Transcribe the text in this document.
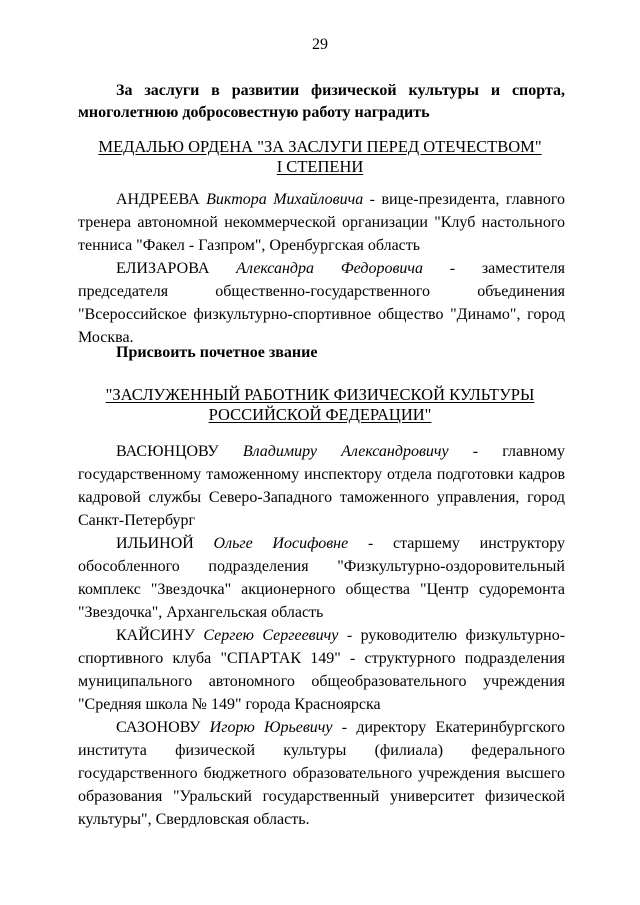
29
За заслуги в развитии физической культуры и спорта, многолетнюю добросовестную работу наградить
МЕДАЛЬЮ ОРДЕНА "ЗА ЗАСЛУГИ ПЕРЕД ОТЕЧЕСТВОМ"
I СТЕПЕНИ

АНДРЕЕВА Виктора Михайловича - вице-президента, главного тренера автономной некоммерческой организации "Клуб настольного тенниса "Факел - Газпром", Оренбургская область

ЕЛИЗАРОВА Александра Федоровича - заместителя председателя общественно-государственного объединения "Всероссийское физкультурно-спортивное общество "Динамо", город Москва.

Присвоить почетное звание
"ЗАСЛУЖЕННЫЙ РАБОТНИК ФИЗИЧЕСКОЙ КУЛЬТУРЫ
РОССИЙСКОЙ ФЕДЕРАЦИИ"

ВАСЮНЦОВУ Владимиру Александровичу - главному государственному таможенному инспектору отдела подготовки кадров кадровой службы Северо-Западного таможенного управления, город Санкт-Петербург

ИЛЬИНОЙ Ольге Иосифовне - старшему инструктору обособленного подразделения "Физкультурно-оздоровительный комплекс "Звездочка" акционерного общества "Центр судоремонта "Звездочка", Архангельская область

КАЙСИНУ Сергею Сергеевичу - руководителю физкультурно-спортивного клуба "СПАРТАК 149" - структурного подразделения муниципального автономного общеобразовательного учреждения "Средняя школа № 149" города Красноярска

САЗОНОВУ Игорю Юрьевичу - директору Екатеринбургского института физической культуры (филиала) федерального государственного бюджетного образовательного учреждения высшего образования "Уральский государственный университет физической культуры", Свердловская область.
